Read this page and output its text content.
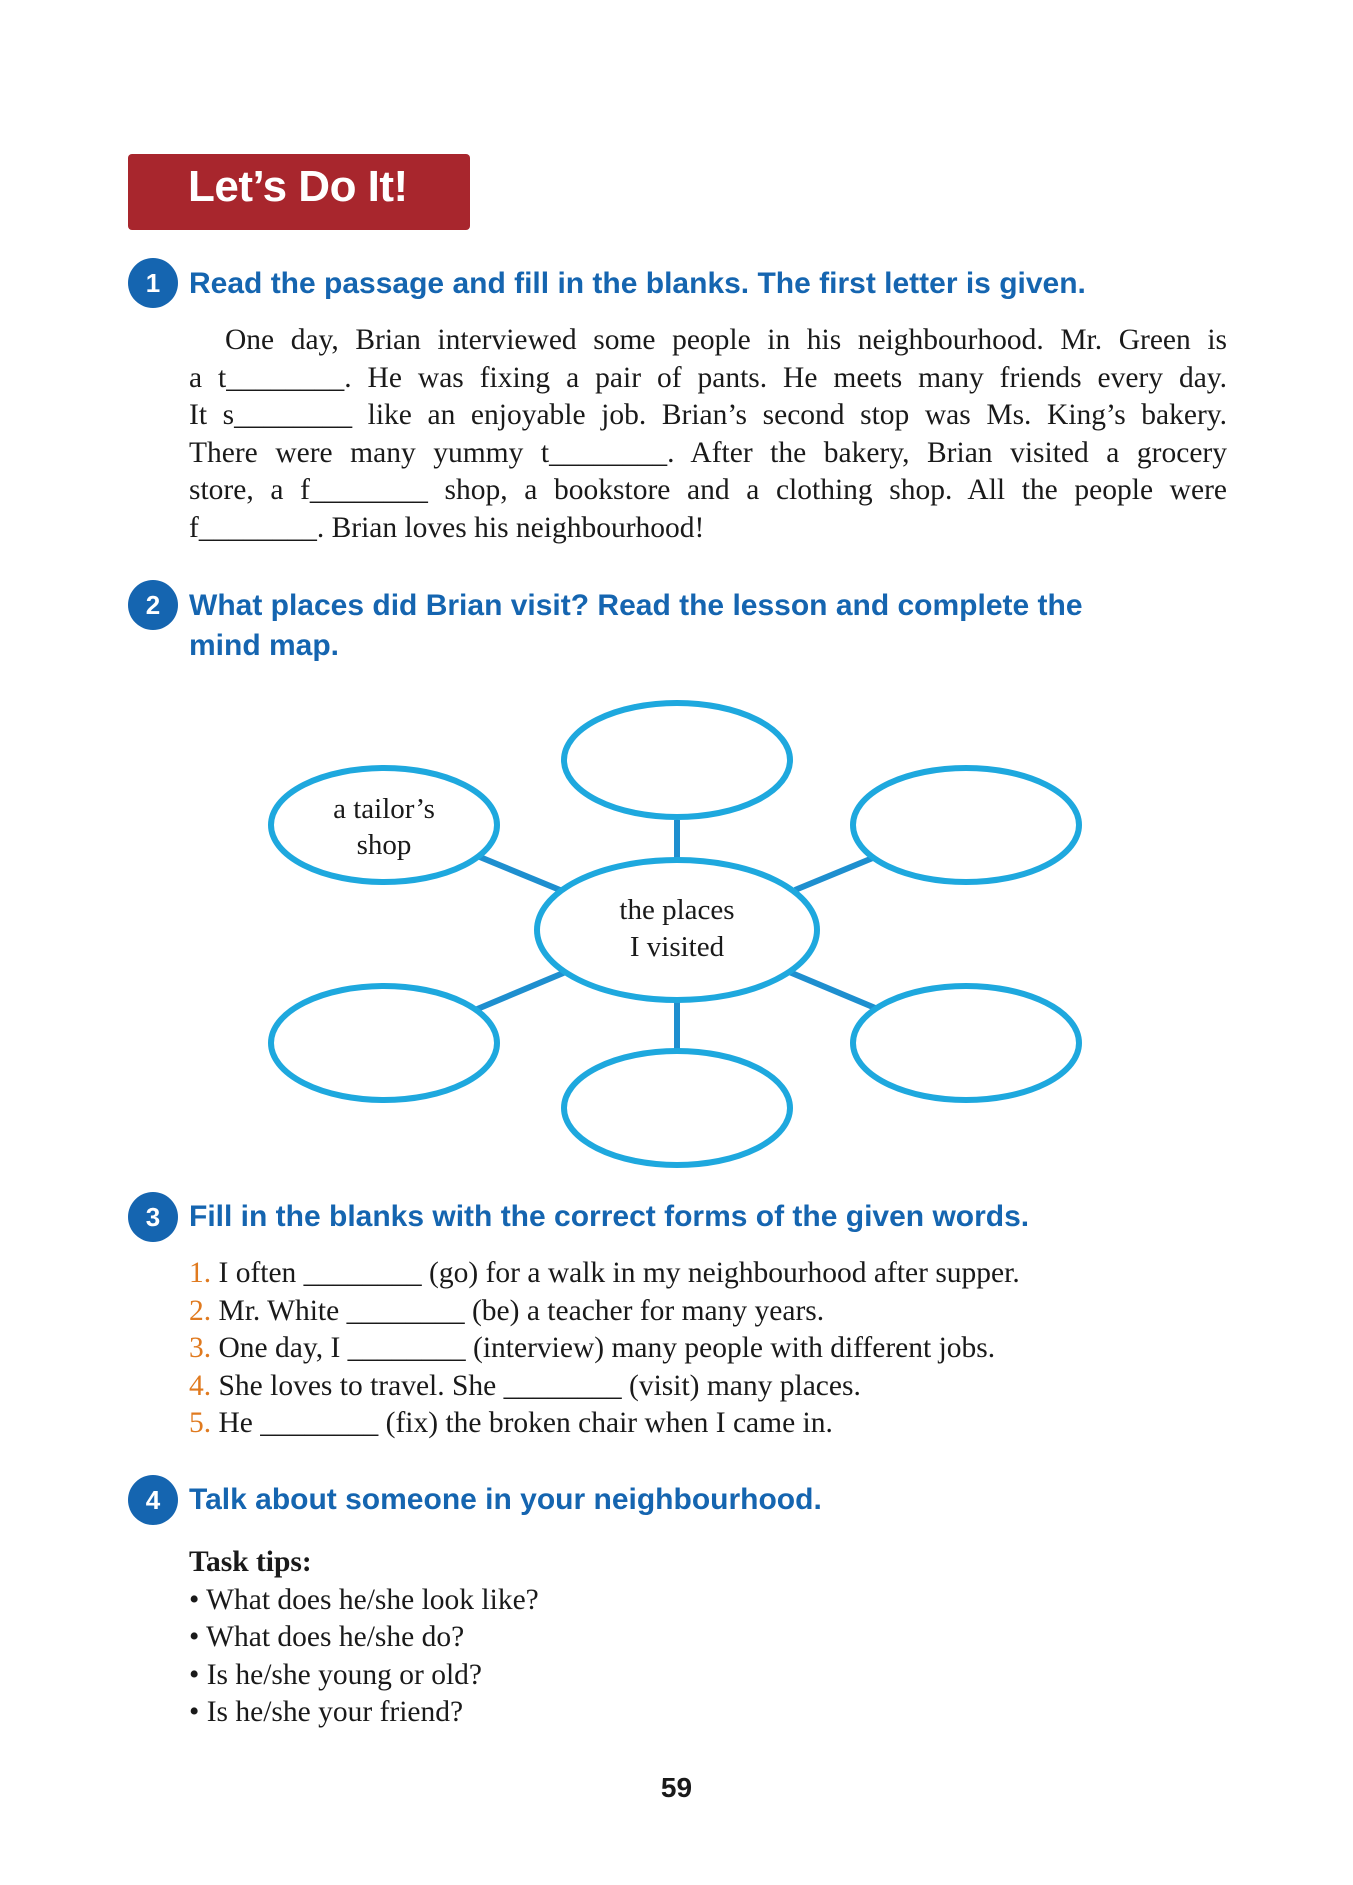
Let’s Do It!
1 Read the passage and fill in the blanks. The first letter is given.
One day, Brian interviewed some people in his neighbourhood. Mr. Green is
a t________. He was fixing a pair of pants. He meets many friends every day.
It s________ like an enjoyable job. Brian’s second stop was Ms. King’s bakery.
There were many yummy t________. After the bakery, Brian visited a grocery
store, a f________ shop, a bookstore and a clothing shop. All the people were
f________. Brian loves his neighbourhood!
2 What places did Brian visit? Read the lesson and complete the
mind map.
a tailor’s
shop
the places
I visited
3 Fill in the blanks with the correct forms of the given words.
1. I often ________ (go) for a walk in my neighbourhood after supper.
2. Mr. White ________ (be) a teacher for many years.
3. One day, I ________ (interview) many people with different jobs.
4. She loves to travel. She ________ (visit) many places.
5. He ________ (fix) the broken chair when I came in.
4 Talk about someone in your neighbourhood.
Task tips:
• What does he/she look like?
• What does he/she do?
• Is he/she young or old?
• Is he/she your friend?
59
